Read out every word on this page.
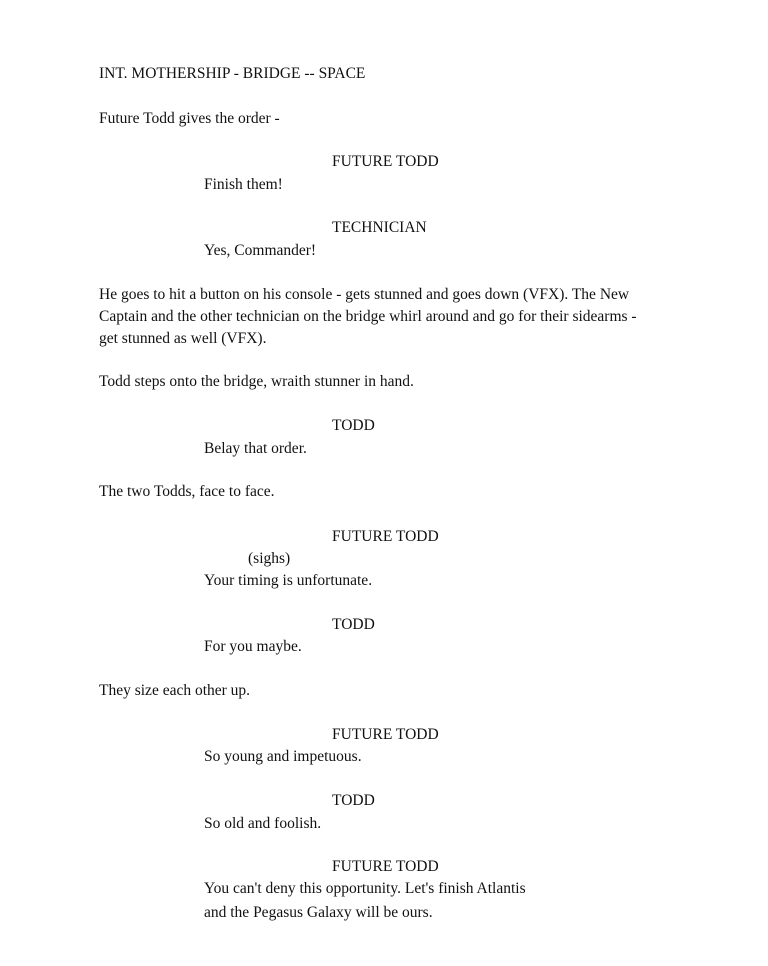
INT. MOTHERSHIP - BRIDGE -- SPACE
Future Todd gives the order -
FUTURE TODD
Finish them!
TECHNICIAN
Yes, Commander!
He goes to hit a button on his console - gets stunned and goes down (VFX). The New
Captain and the other technician on the bridge whirl around and go for their sidearms -
get stunned as well (VFX).
Todd steps onto the bridge, wraith stunner in hand.
TODD
Belay that order.
The two Todds, face to face.
FUTURE TODD
(sighs)
Your timing is unfortunate.
TODD
For you maybe.
They size each other up.
FUTURE TODD
So young and impetuous.
TODD
So old and foolish.
FUTURE TODD
You can't deny this opportunity. Let's finish Atlantis
and the Pegasus Galaxy will be ours.
